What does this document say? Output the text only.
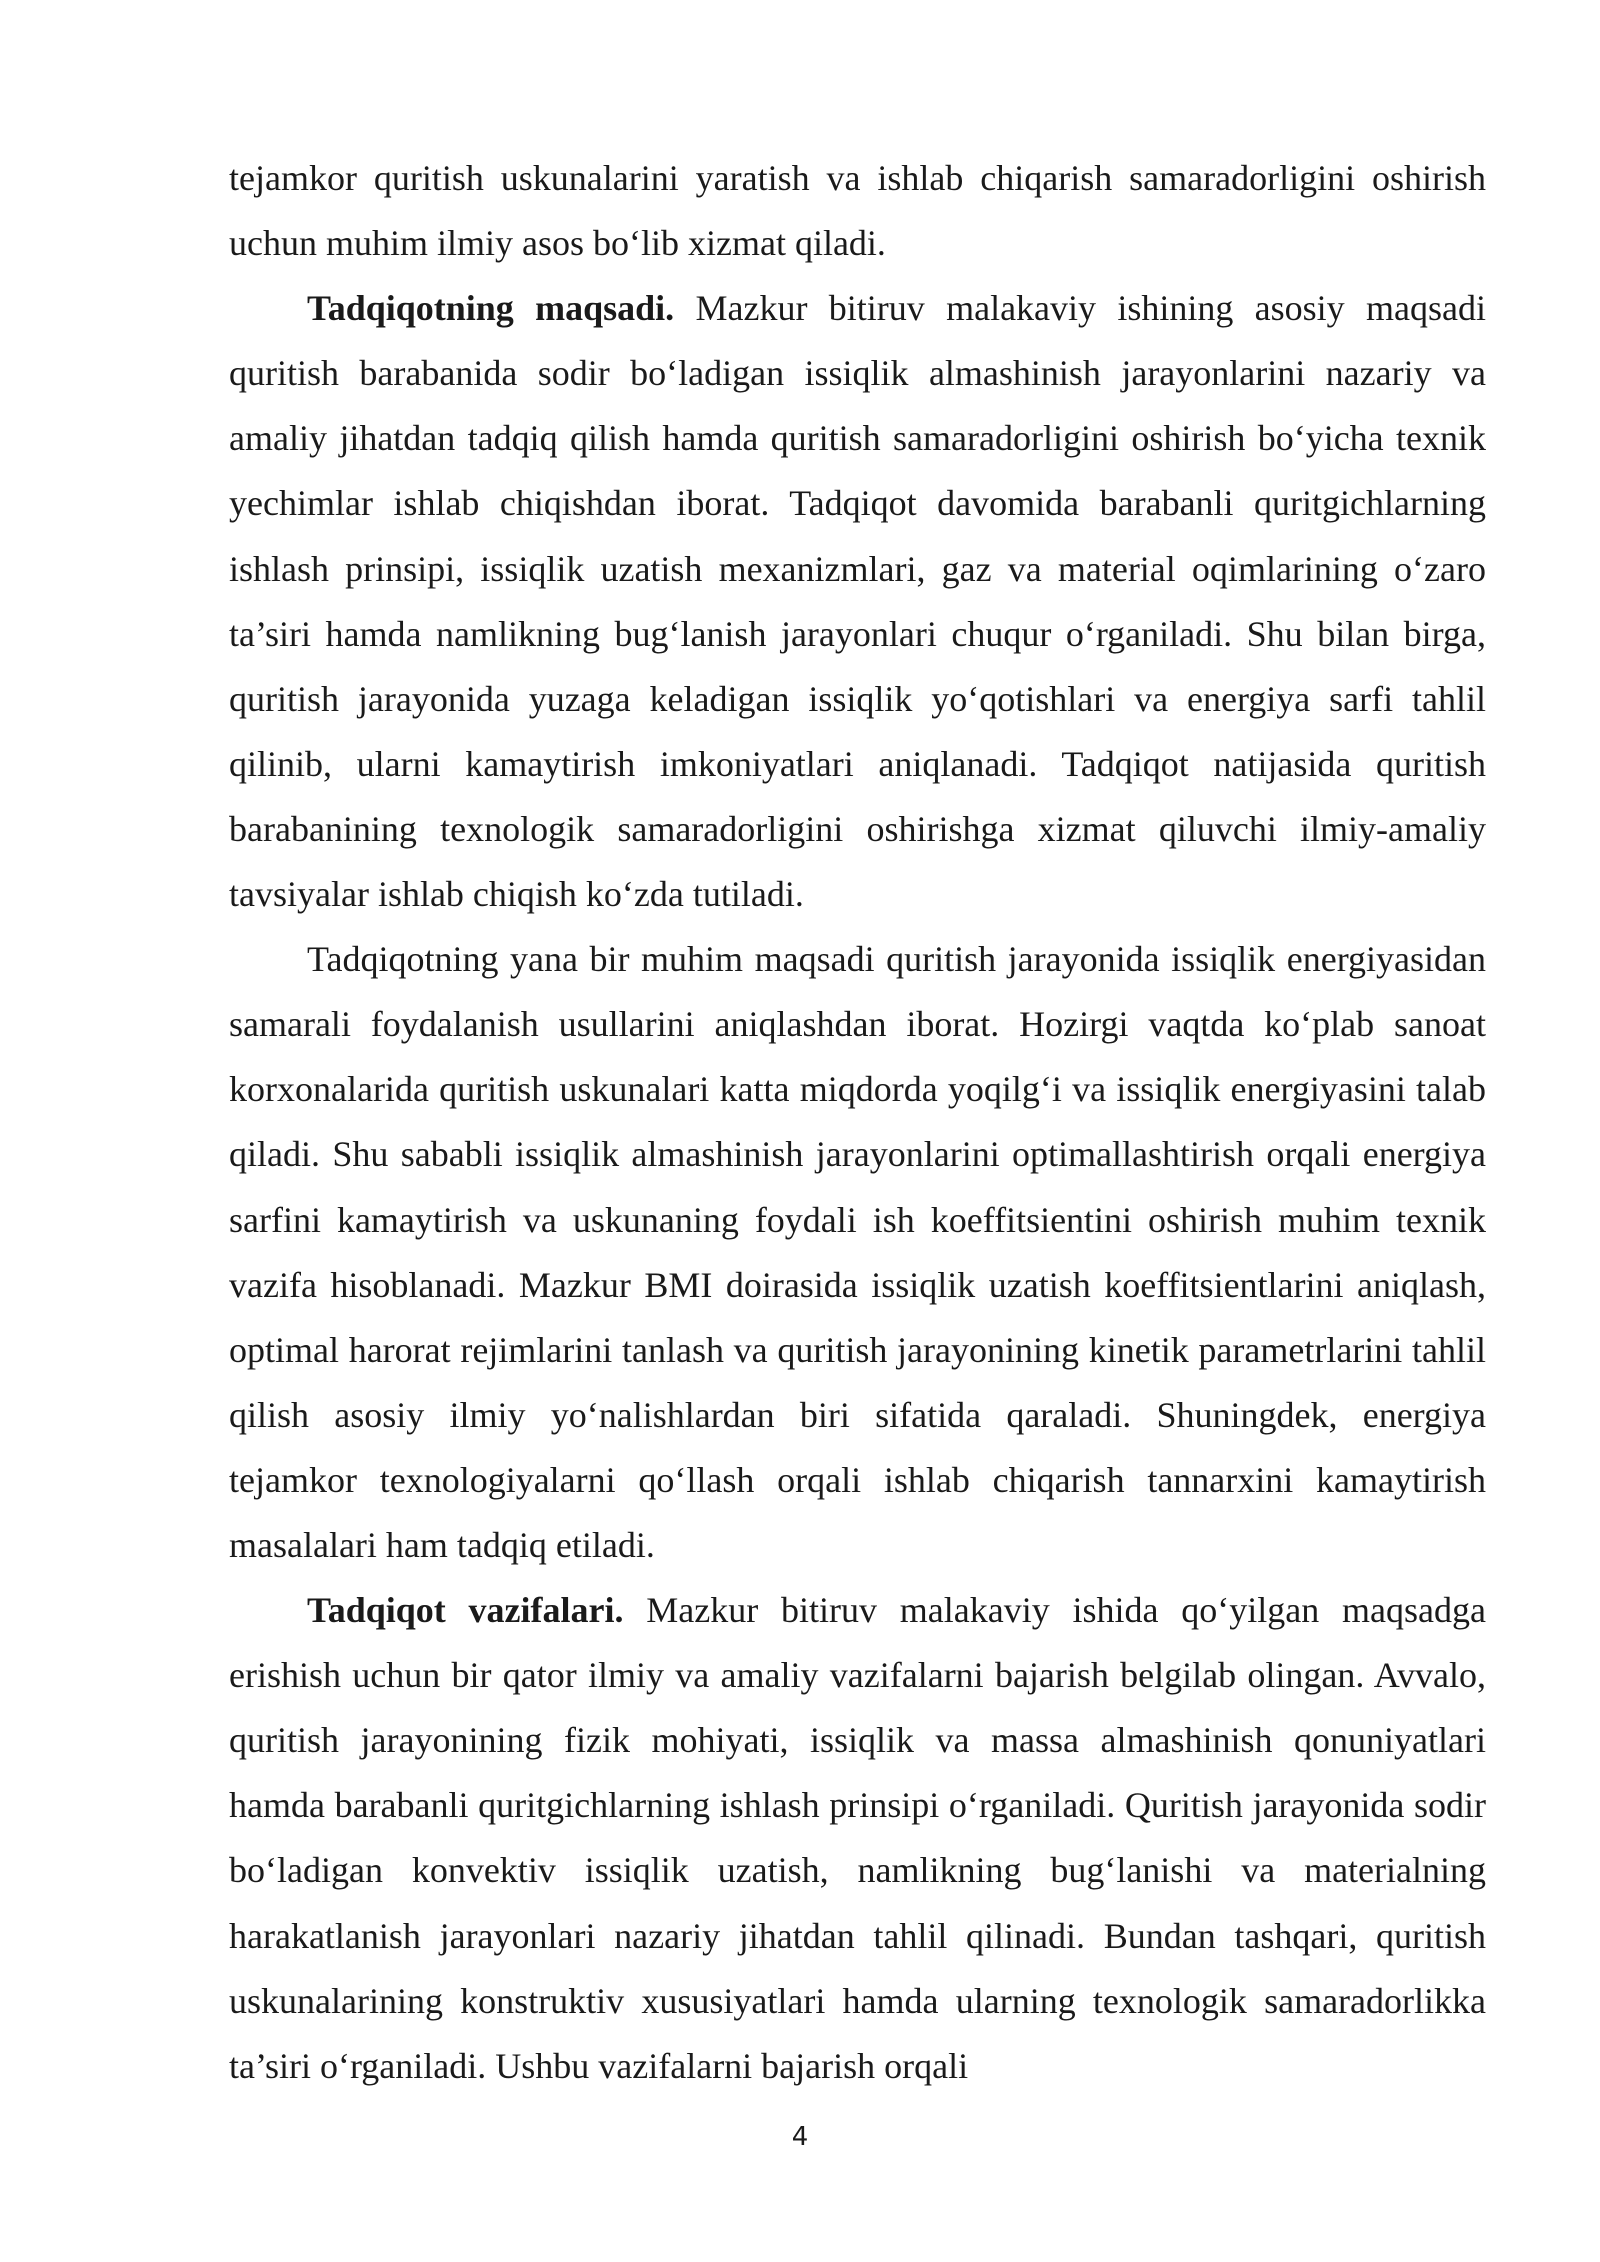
tejamkor quritish uskunalarini yaratish va ishlab chiqarish samaradorligini oshirish uchun muhim ilmiy asos bo‘lib xizmat qiladi.

Tadqiqotning maqsadi. Mazkur bitiruv malakaviy ishining asosiy maqsadi quritish barabanida sodir bo‘ladigan issiqlik almashinish jarayonlarini nazariy va amaliy jihatdan tadqiq qilish hamda quritish samaradorligini oshirish bo‘yicha texnik yechimlar ishlab chiqishdan iborat. Tadqiqot davomida barabanli quritgichlarning ishlash prinsipi, issiqlik uzatish mexanizmlari, gaz va material oqimlarining o‘zaro ta’siri hamda namlikning bug‘lanish jarayonlari chuqur o‘rganiladi. Shu bilan birga, quritish jarayonida yuzaga keladigan issiqlik yo‘qotishlari va energiya sarfi tahlil qilinib, ularni kamaytirish imkoniyatlari aniqlanadi. Tadqiqot natijasida quritish barabanining texnologik samaradorligini oshirishga xizmat qiluvchi ilmiy-amaliy tavsiyalar ishlab chiqish ko‘zda tutiladi.

Tadqiqotning yana bir muhim maqsadi quritish jarayonida issiqlik energiyasidan samarali foydalanish usullarini aniqlashdan iborat. Hozirgi vaqtda ko‘plab sanoat korxonalarida quritish uskunalari katta miqdorda yoqilg‘i va issiqlik energiyasini talab qiladi. Shu sababli issiqlik almashinish jarayonlarini optimallashtirish orqali energiya sarfini kamaytirish va uskunaning foydali ish koeffitsientini oshirish muhim texnik vazifa hisoblanadi. Mazkur BMI doirasida issiqlik uzatish koeffitsientlarini aniqlash, optimal harorat rejimlarini tanlash va quritish jarayonining kinetik parametrlarini tahlil qilish asosiy ilmiy yo‘nalishlardan biri sifatida qaraladi. Shuningdek, energiya tejamkor texnologiyalarni qo‘llash orqali ishlab chiqarish tannarxini kamaytirish masalalari ham tadqiq etiladi.

Tadqiqot vazifalari. Mazkur bitiruv malakaviy ishida qo‘yilgan maqsadga erishish uchun bir qator ilmiy va amaliy vazifalarni bajarish belgilab olingan. Avvalo, quritish jarayonining fizik mohiyati, issiqlik va massa almashinish qonuniyatlari hamda barabanli quritgichlarning ishlash prinsipi o‘rganiladi. Quritish jarayonida sodir bo‘ladigan konvektiv issiqlik uzatish, namlikning bug‘lanishi va materialning harakatlanish jarayonlari nazariy jihatdan tahlil qilinadi. Bundan tashqari, quritish uskunalarining konstruktiv xususiyatlari hamda ularning texnologik samaradorlikka ta’siri o‘rganiladi. Ushbu vazifalarni bajarish orqali

4
